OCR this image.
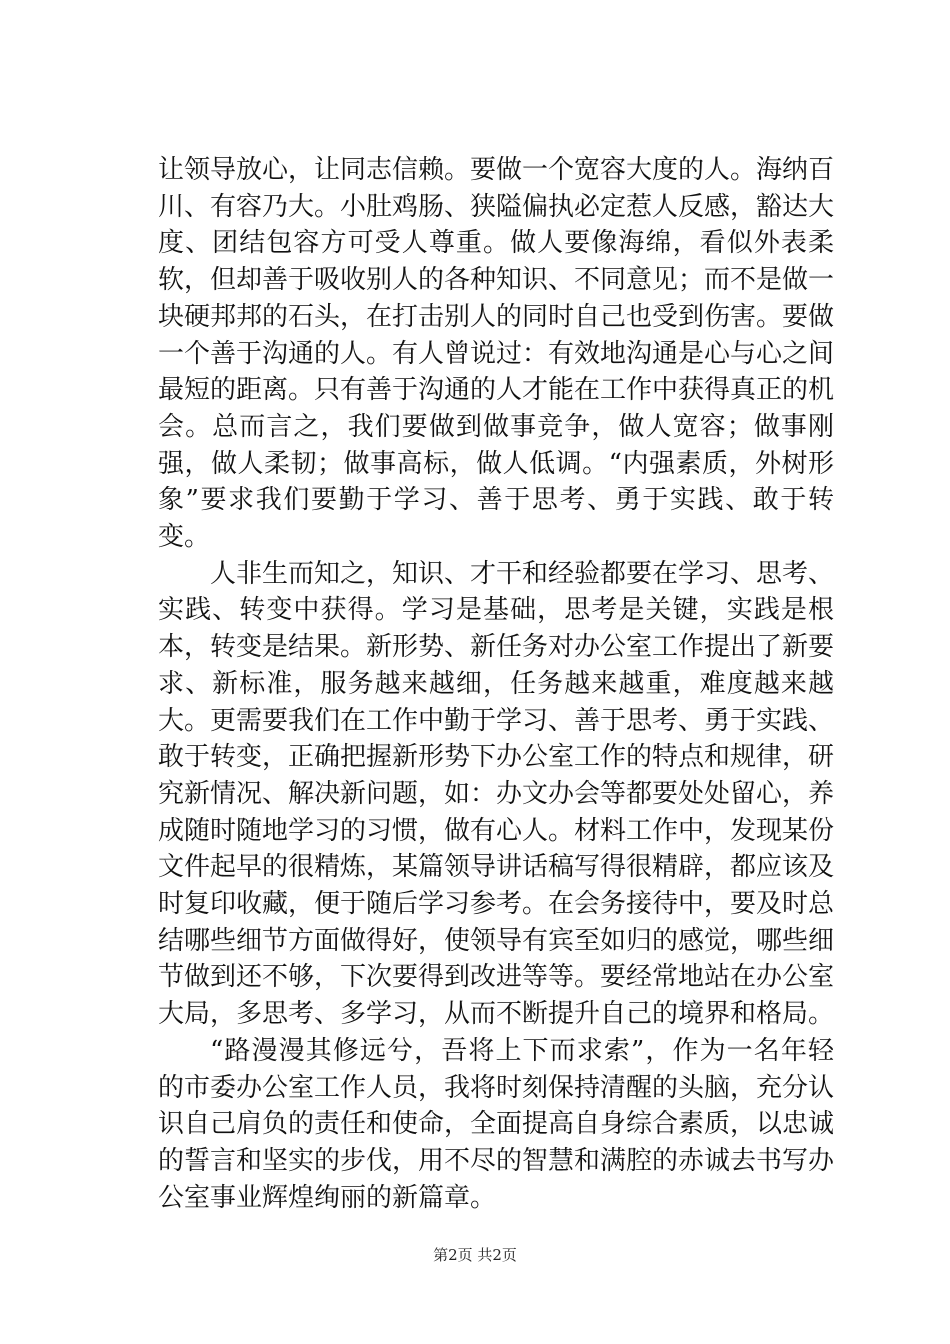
让领导放心，让同志信赖。要做一个宽容大度的人。海纳百川、有容乃大。小肚鸡肠、狭隘偏执必定惹人反感，豁达大度、团结包容方可受人尊重。做人要像海绵，看似外表柔软，但却善于吸收别人的各种知识、不同意见；而不是做一块硬邦邦的石头，在打击别人的同时自己也受到伤害。要做一个善于沟通的人。有人曾说过：有效地沟通是心与心之间最短的距离。只有善于沟通的人才能在工作中获得真正的机会。总而言之，我们要做到做事竞争，做人宽容；做事刚强，做人柔韧；做事高标，做人低调。“内强素质，外树形象”要求我们要勤于学习、善于思考、勇于实践、敢于转变。

人非生而知之，知识、才干和经验都要在学习、思考、实践、转变中获得。学习是基础，思考是关键，实践是根本，转变是结果。新形势、新任务对办公室工作提出了新要求、新标准，服务越来越细，任务越来越重，难度越来越大。更需要我们在工作中勤于学习、善于思考、勇于实践、敢于转变，正确把握新形势下办公室工作的特点和规律，研究新情况、解决新问题，如：办文办会等都要处处留心，养成随时随地学习的习惯，做有心人。材料工作中，发现某份文件起早的很精炼，某篇领导讲话稿写得很精辟，都应该及时复印收藏，便于随后学习参考。在会务接待中，要及时总结哪些细节方面做得好，使领导有宾至如归的感觉，哪些细节做到还不够，下次要得到改进等等。要经常地站在办公室大局，多思考、多学习，从而不断提升自己的境界和格局。

“路漫漫其修远兮，吾将上下而求索”，作为一名年轻的市委办公室工作人员，我将时刻保持清醒的头脑，充分认识自己肩负的责任和使命，全面提高自身综合素质，以忠诚的誓言和坚实的步伐，用不尽的智慧和满腔的赤诚去书写办公室事业辉煌绚丽的新篇章。

第2页 共2页
